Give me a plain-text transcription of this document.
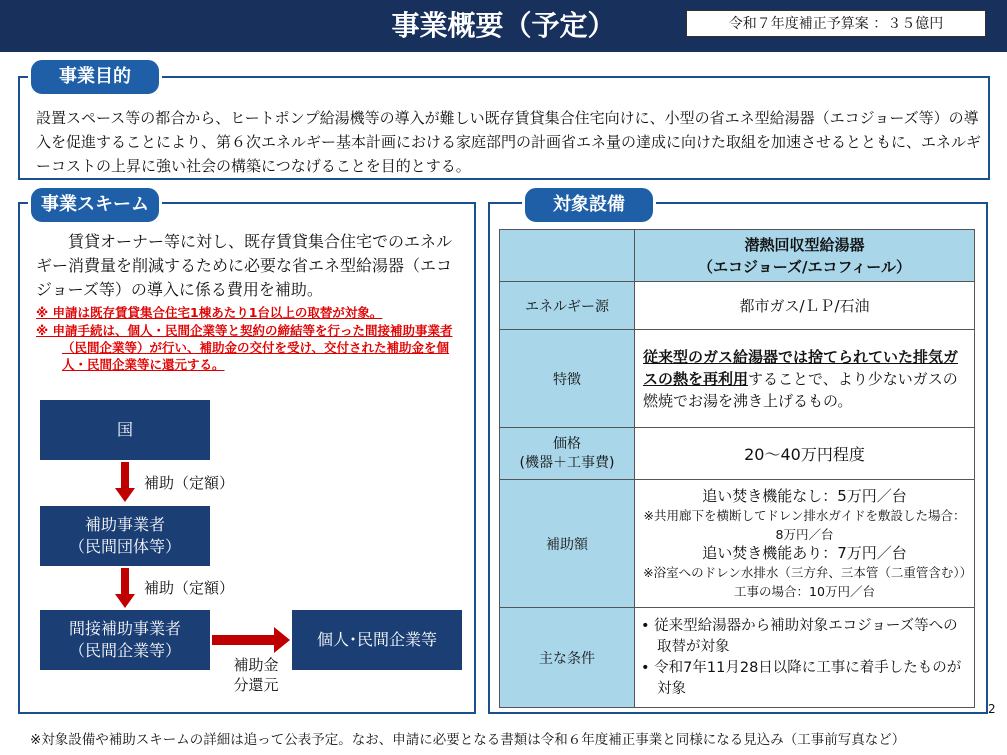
事業概要（予定）	令和７年度補正予算案 ：３５億円
事業目的
設置スペース等の都合から、ヒートポンプ給湯機等の導入が難しい既存賃貸集合住宅向けに、小型の省エネ型給湯器（エコジョーズ等）の導入を促進することにより、第６次エネルギー基本計画における家庭部門の計画省エネ量の達成に向けた取組を加速させるとともに、エネルギーコストの上昇に強い社会の構築につなげることを目的とする。
事業スキーム
賃貸オーナー等に対し、既存賃貸集合住宅でのエネルギー消費量を削減するために必要な省エネ型給湯器（エコジョーズ等）の導入に係る費用を補助。
※ 申請は既存賃貸集合住宅1棟あたり1台以上の取替が対象。
※ 申請手続は、個人・民間企業等と契約の締結等を行った間接補助事業者（民間企業等）が行い、補助金の交付を受け、交付された補助金を個人・民間企業等に還元する。
国
補助（定額）
補助事業者
（民間団体等）
補助（定額）
間接補助事業者
（民間企業等）
個人･民間企業等
補助金
分還元
対象設備

	潜熱回収型給湯器
（エコジョーズ/エコフィール）

エネルギー源	都市ガス/ＬＰ/石油
特徴	従来型のガス給湯器では捨てられていた排気ガスの熱を再利用することで、より少ないガスの燃焼でお湯を沸き上げるもの。

価格
(機器＋工事費)	20～40万円程度
補助額	追い焚き機能なし：5万円／台
※共用廊下を横断してドレン排水ガイドを敷設した場合：8万円／台
追い焚き機能あり：7万円／台
※浴室へのドレン水排水（三方弁、三本管（二重管含む））工事の場合：10万円／台

主な条件	• 従来型給湯器から補助対象エコジョーズ等への取替が対象
• 令和7年11月28日以降に工事に着手したものが対象
2
※対象設備や補助スキームの詳細は追って公表予定。なお、申請に必要となる書類は令和６年度補正事業と同様になる見込み（工事前写真など）
